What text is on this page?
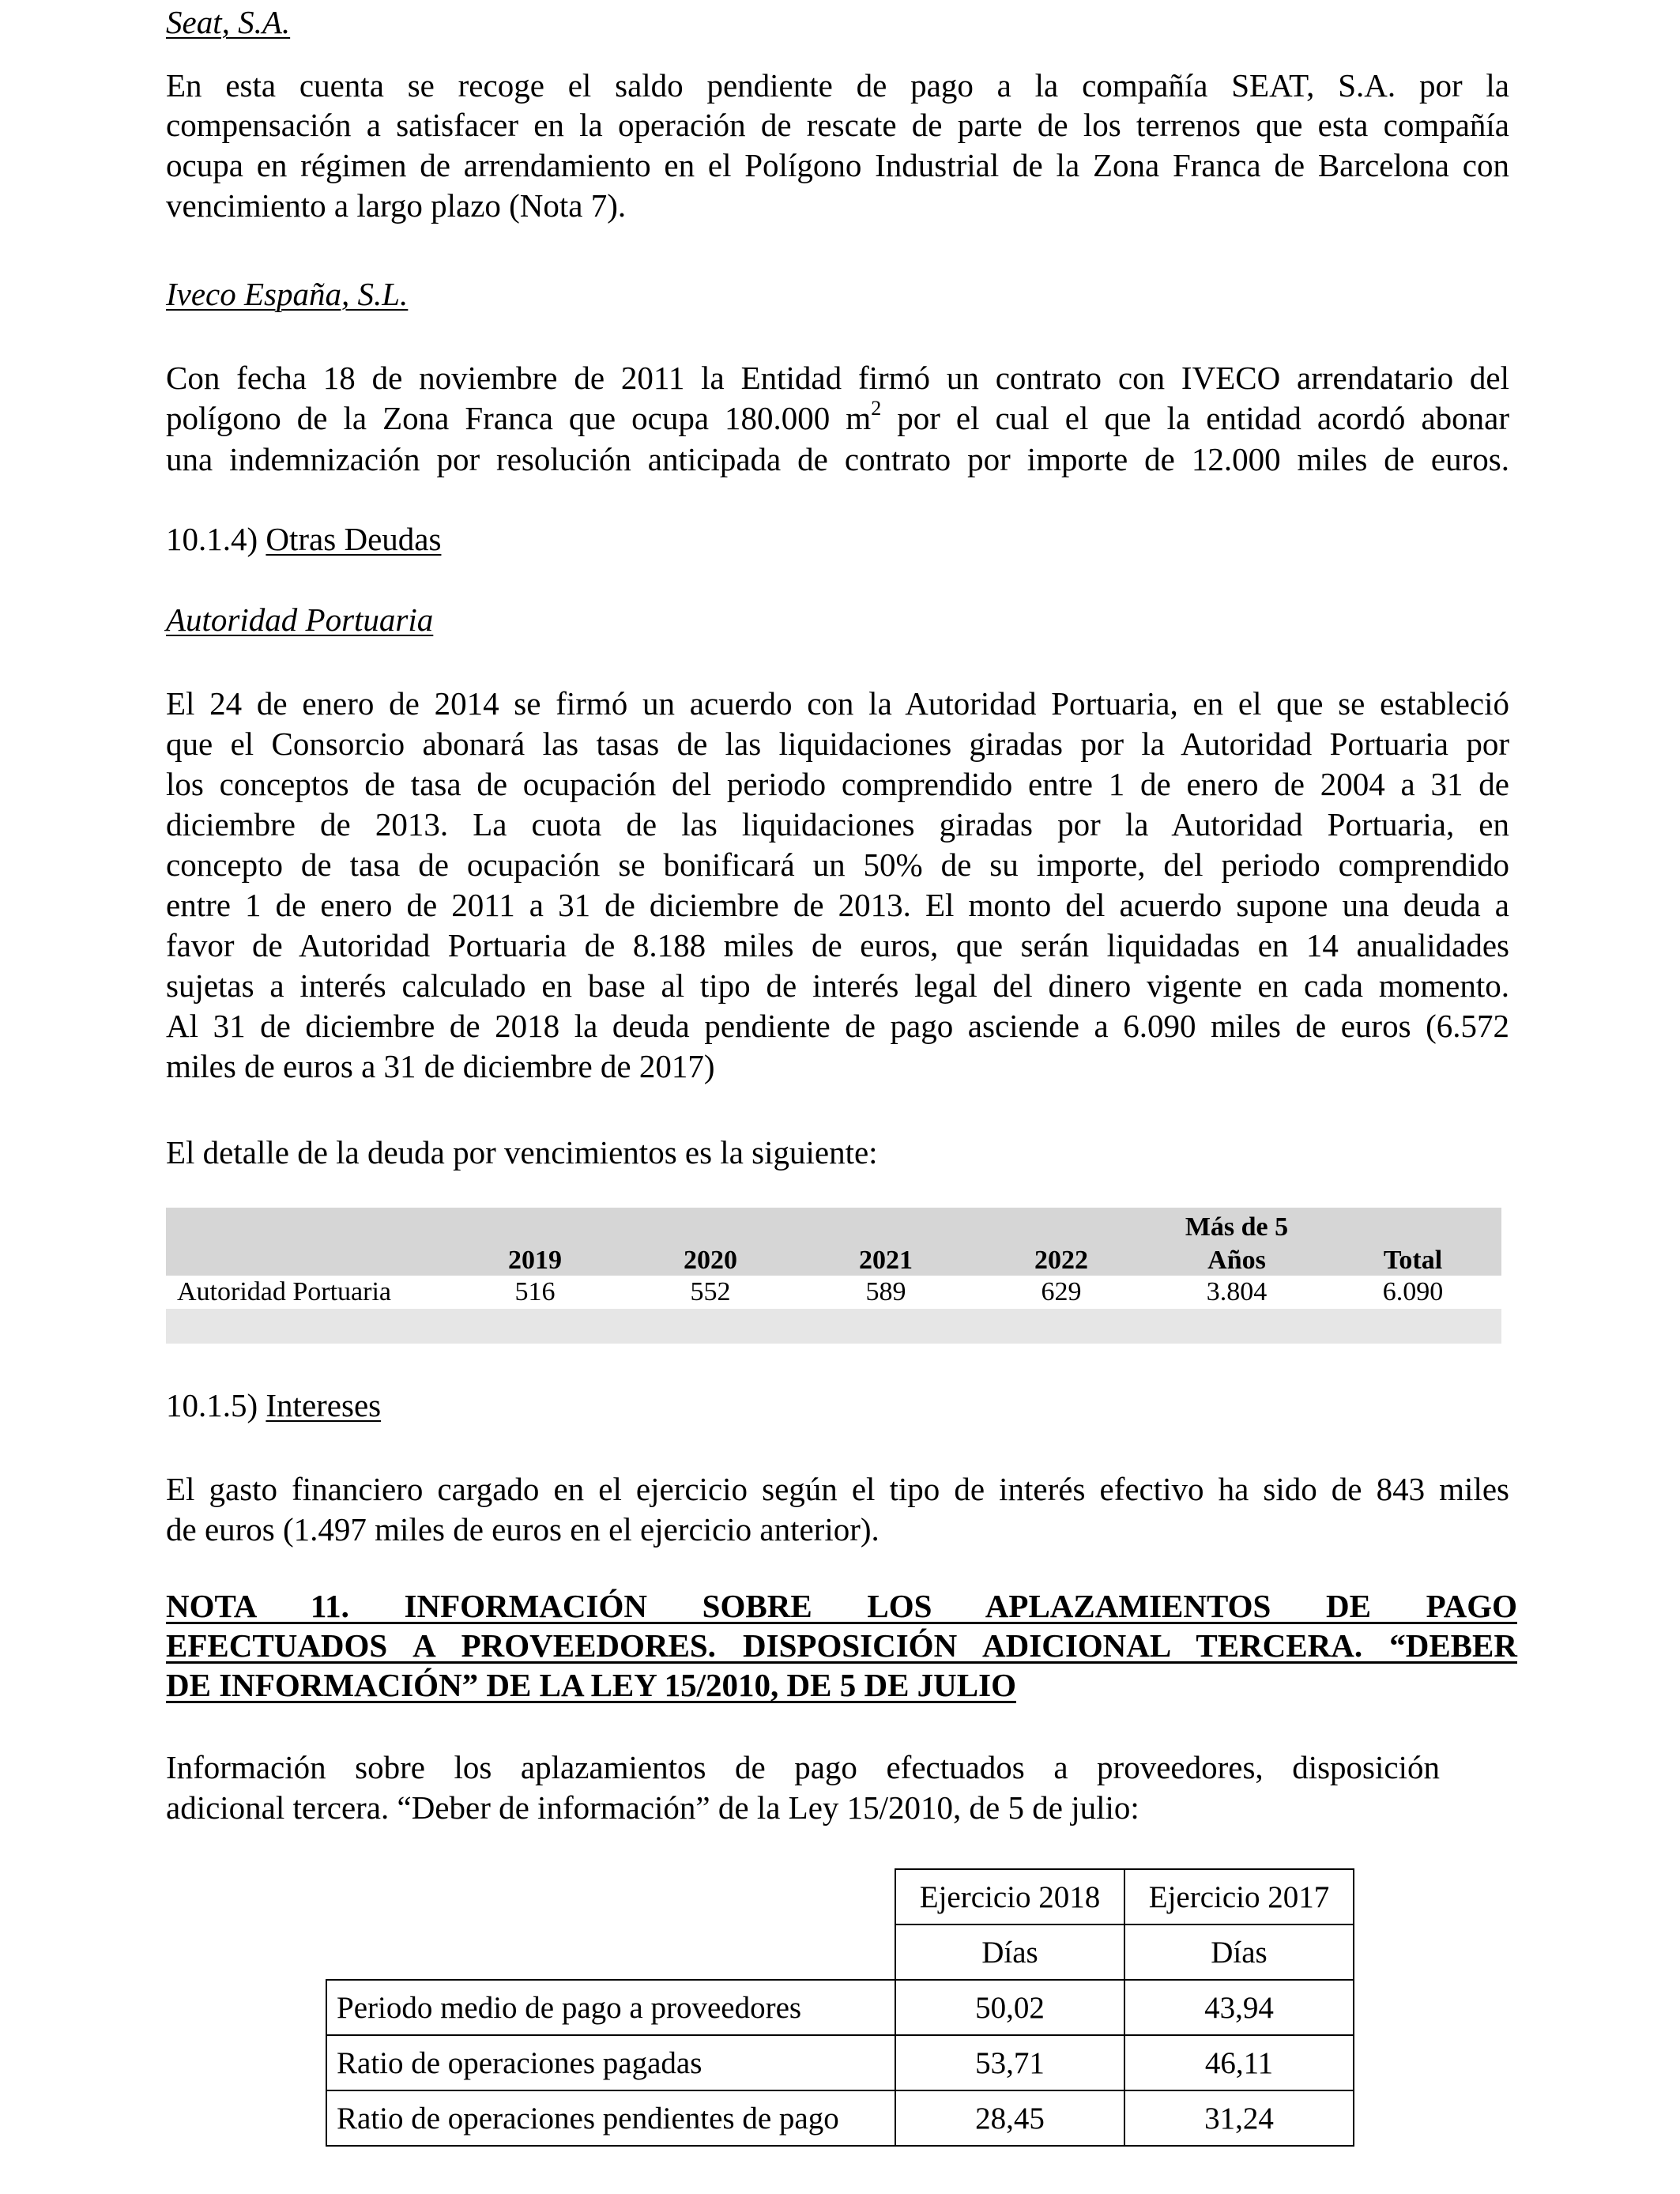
Seat, S.A.
En esta cuenta se recoge el saldo pendiente de pago a la compañía SEAT, S.A. por la
compensación a satisfacer en la operación de rescate de parte de los terrenos que esta compañía
ocupa en régimen de arrendamiento en el Polígono Industrial de la Zona Franca de Barcelona con
vencimiento a largo plazo (Nota 7).
Iveco España, S.L.
Con fecha 18 de noviembre de 2011 la Entidad firmó un contrato con IVECO arrendatario del
polígono de la Zona Franca que ocupa 180.000 $m^2$ por el cual el que la entidad acordó abonar
una indemnización por resolución anticipada de contrato por importe de 12.000 miles de euros.
10.1.4) Otras Deudas
Autoridad Portuaria
El 24 de enero de 2014 se firmó un acuerdo con la Autoridad Portuaria, en el que se estableció
que el Consorcio abonará las tasas de las liquidaciones giradas por la Autoridad Portuaria por
los conceptos de tasa de ocupación del periodo comprendido entre 1 de enero de 2004 a 31 de
diciembre de 2013. La cuota de las liquidaciones giradas por la Autoridad Portuaria, en
concepto de tasa de ocupación se bonificará un 50% de su importe, del periodo comprendido
entre 1 de enero de 2011 a 31 de diciembre de 2013. El monto del acuerdo supone una deuda a
favor de Autoridad Portuaria de 8.188 miles de euros, que serán liquidadas en 14 anualidades
sujetas a interés calculado en base al tipo de interés legal del dinero vigente en cada momento.
Al 31 de diciembre de 2018 la deuda pendiente de pago asciende a 6.090 miles de euros (6.572
miles de euros a 31 de diciembre de 2017)
El detalle de la deuda por vencimientos es la siguiente:
10.1.5) Intereses
El gasto financiero cargado en el ejercicio según el tipo de interés efectivo ha sido de 843 miles
de euros (1.497 miles de euros en el ejercicio anterior).
NOTA 11. INFORMACIÓN SOBRE LOS APLAZAMIENTOS DE PAGO
EFECTUADOS A PROVEEDORES. DISPOSICIÓN ADICIONAL TERCERA. “DEBER
DE INFORMACIÓN” DE LA LEY 15/2010, DE 5 DE JULIO
Información sobre los aplazamientos de pago efectuados a proveedores, disposición
adicional tercera. “Deber de información” de la Ley 15/2010, de 5 de julio:
					Más de 5	
	2019	2020	2021	2022	Años	Total
Autoridad Portuaria	516	552	589	629	3.804	6.090

	Ejercicio 2018	Ejercicio 2017
	Días	Días
Periodo medio de pago a proveedores	50,02	43,94
Ratio de operaciones pagadas	53,71	46,11
Ratio de operaciones pendientes de pago	28,45	31,24
